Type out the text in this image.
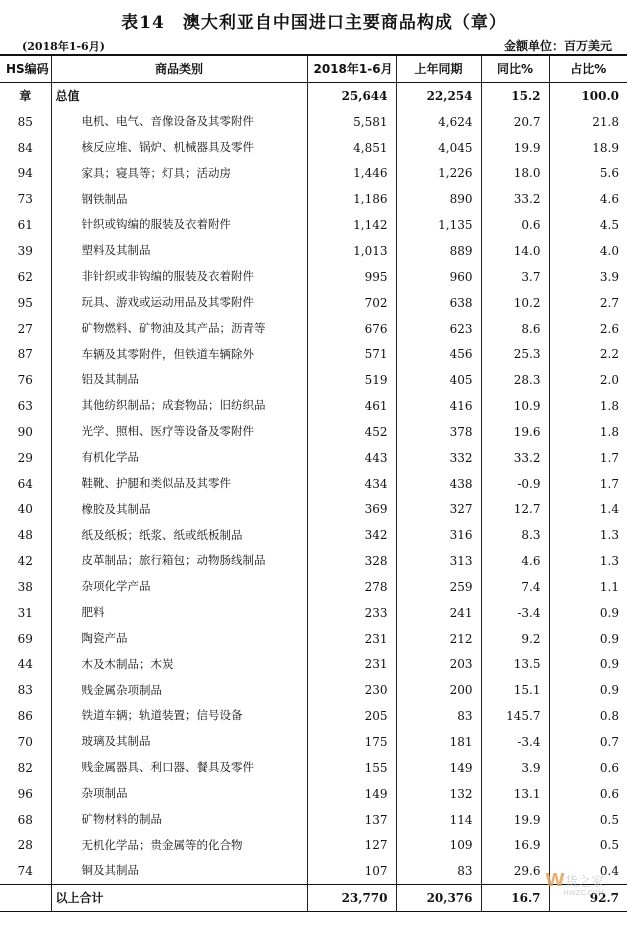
表14　澳大利亚自中国进口主要商品构成（章）
(2018年1-6月)	金额单位：百万美元
HS编码	商品类别	2018年1-6月	上年同期	同比%	占比%
章	总值	25,644	22,254	15.2	100.0
85	电机、电气、音像设备及其零附件	5,581	4,624	20.7	21.8
84	核反应堆、锅炉、机械器具及零件	4,851	4,045	19.9	18.9
94	家具；寝具等；灯具；活动房	1,446	1,226	18.0	5.6
73	钢铁制品	1,186	890	33.2	4.6
61	针织或钩编的服装及衣着附件	1,142	1,135	0.6	4.5
39	塑料及其制品	1,013	889	14.0	4.0
62	非针织或非钩编的服装及衣着附件	995	960	3.7	3.9
95	玩具、游戏或运动用品及其零附件	702	638	10.2	2.7
27	矿物燃料、矿物油及其产品；沥青等	676	623	8.6	2.6
87	车辆及其零附件，但铁道车辆除外	571	456	25.3	2.2
76	铝及其制品	519	405	28.3	2.0
63	其他纺织制品；成套物品；旧纺织品	461	416	10.9	1.8
90	光学、照相、医疗等设备及零附件	452	378	19.6	1.8
29	有机化学品	443	332	33.2	1.7
64	鞋靴、护腿和类似品及其零件	434	438	-0.9	1.7
40	橡胶及其制品	369	327	12.7	1.4
48	纸及纸板；纸浆、纸或纸板制品	342	316	8.3	1.3
42	皮革制品；旅行箱包；动物肠线制品	328	313	4.6	1.3
38	杂项化学产品	278	259	7.4	1.1
31	肥料	233	241	-3.4	0.9
69	陶瓷产品	231	212	9.2	0.9
44	木及木制品；木炭	231	203	13.5	0.9
83	贱金属杂项制品	230	200	15.1	0.9
86	铁道车辆；轨道装置；信号设备	205	83	145.7	0.8
70	玻璃及其制品	175	181	-3.4	0.7
82	贱金属器具、利口器、餐具及零件	155	149	3.9	0.6
96	杂项制品	149	132	13.1	0.6
68	矿物材料的制品	137	114	19.9	0.5
28	无机化学品；贵金属等的化合物	127	109	16.9	0.5
74	铜及其制品	107	83	29.6	0.4
	以上合计	23,770	20,376	16.7	92.7
W货之家
HWZC.COM
